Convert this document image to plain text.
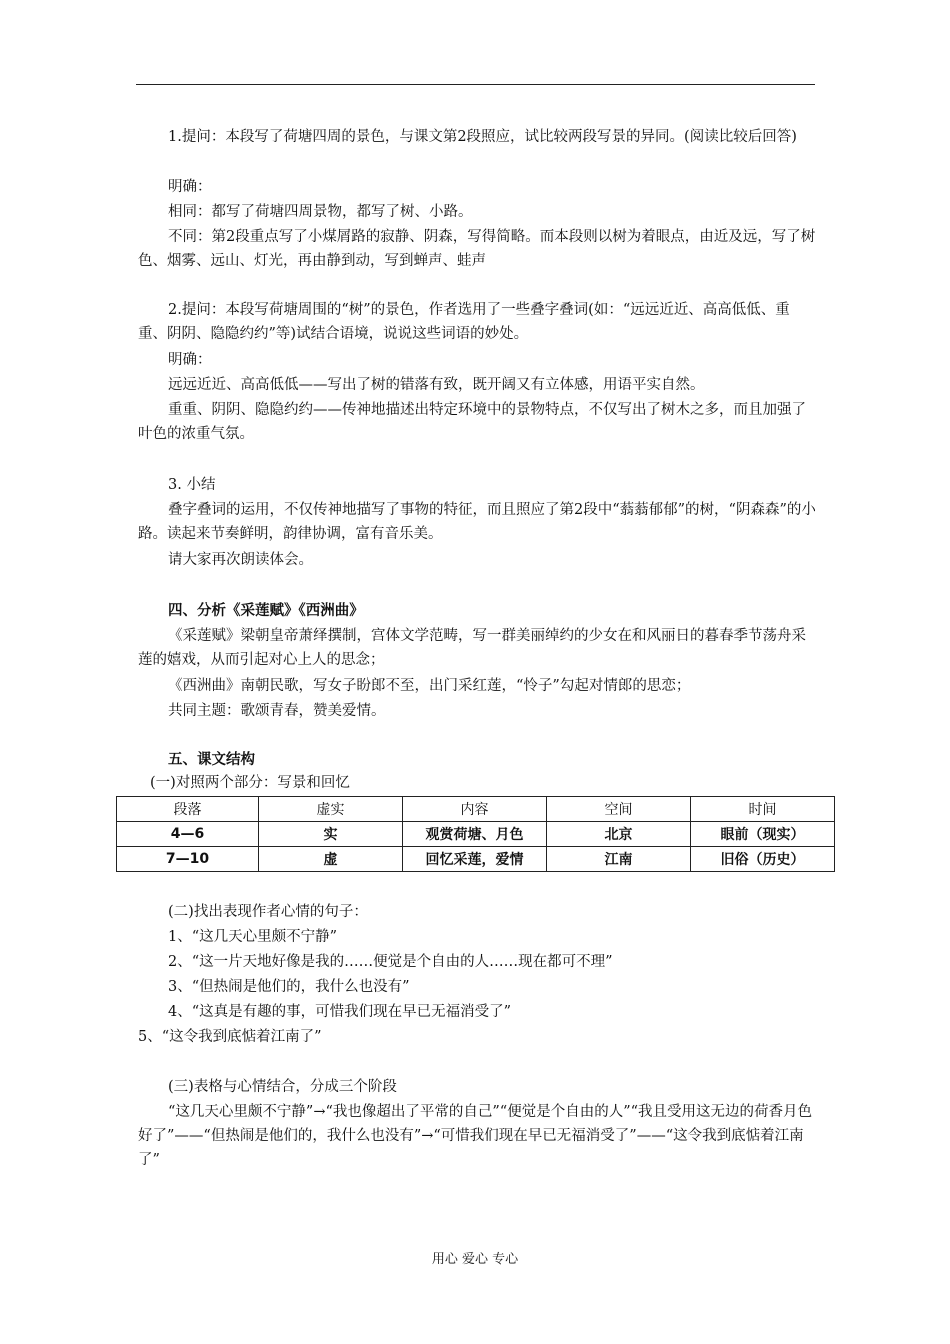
1.提问：本段写了荷塘四周的景色，与课文第2段照应，试比较两段写景的异同。(阅读比较后回答)
明确：
相同：都写了荷塘四周景物，都写了树、小路。
不同：第2段重点写了小煤屑路的寂静、阴森，写得简略。而本段则以树为着眼点，由近及远，写了树色、烟雾、远山、灯光，再由静到动，写到蝉声、蛙声
2.提问：本段写荷塘周围的“树”的景色，作者选用了一些叠字叠词(如：“远远近近、高高低低、重重、阴阴、隐隐约约”等)试结合语境，说说这些词语的妙处。
明确：
远远近近、高高低低——写出了树的错落有致，既开阔又有立体感，用语平实自然。
重重、阴阴、隐隐约约——传神地描述出特定环境中的景物特点，不仅写出了树木之多，而且加强了叶色的浓重气氛。
3. 小结
叠字叠词的运用，不仅传神地描写了事物的特征，而且照应了第2段中“蓊蓊郁郁”的树，“阴森森”的小路。读起来节奏鲜明，韵律协调，富有音乐美。
请大家再次朗读体会。
四、分析《采莲赋》《西洲曲》
《采莲赋》梁朝皇帝萧绎撰制，宫体文学范畴，写一群美丽绰约的少女在和风丽日的暮春季节荡舟采莲的嬉戏，从而引起对心上人的思念；
《西洲曲》南朝民歌，写女子盼郎不至，出门采红莲，“怜子”勾起对情郎的思恋；
共同主题：歌颂青春，赞美爱情。
五、课文结构
(一)对照两个部分：写景和回忆
段落	虚实	内容	空间	时间
4—6	实	观赏荷塘、月色	北京	眼前（现实）
7—10	虚	回忆采莲，爱情	江南	旧俗（历史）
(二)找出表现作者心情的句子：
1、“这几天心里颇不宁静”
2、“这一片天地好像是我的……便觉是个自由的人……现在都可不理”
3、“但热闹是他们的，我什么也没有”
4、“这真是有趣的事，可惜我们现在早已无福消受了”
5、“这令我到底惦着江南了”
(三)表格与心情结合，分成三个阶段
“这几天心里颇不宁静”→“我也像超出了平常的自己”“便觉是个自由的人”“我且受用这无边的荷香月色好了”——“但热闹是他们的，我什么也没有”→“可惜我们现在早已无福消受了”——“这令我到底惦着江南了”
用心 爱心 专心
